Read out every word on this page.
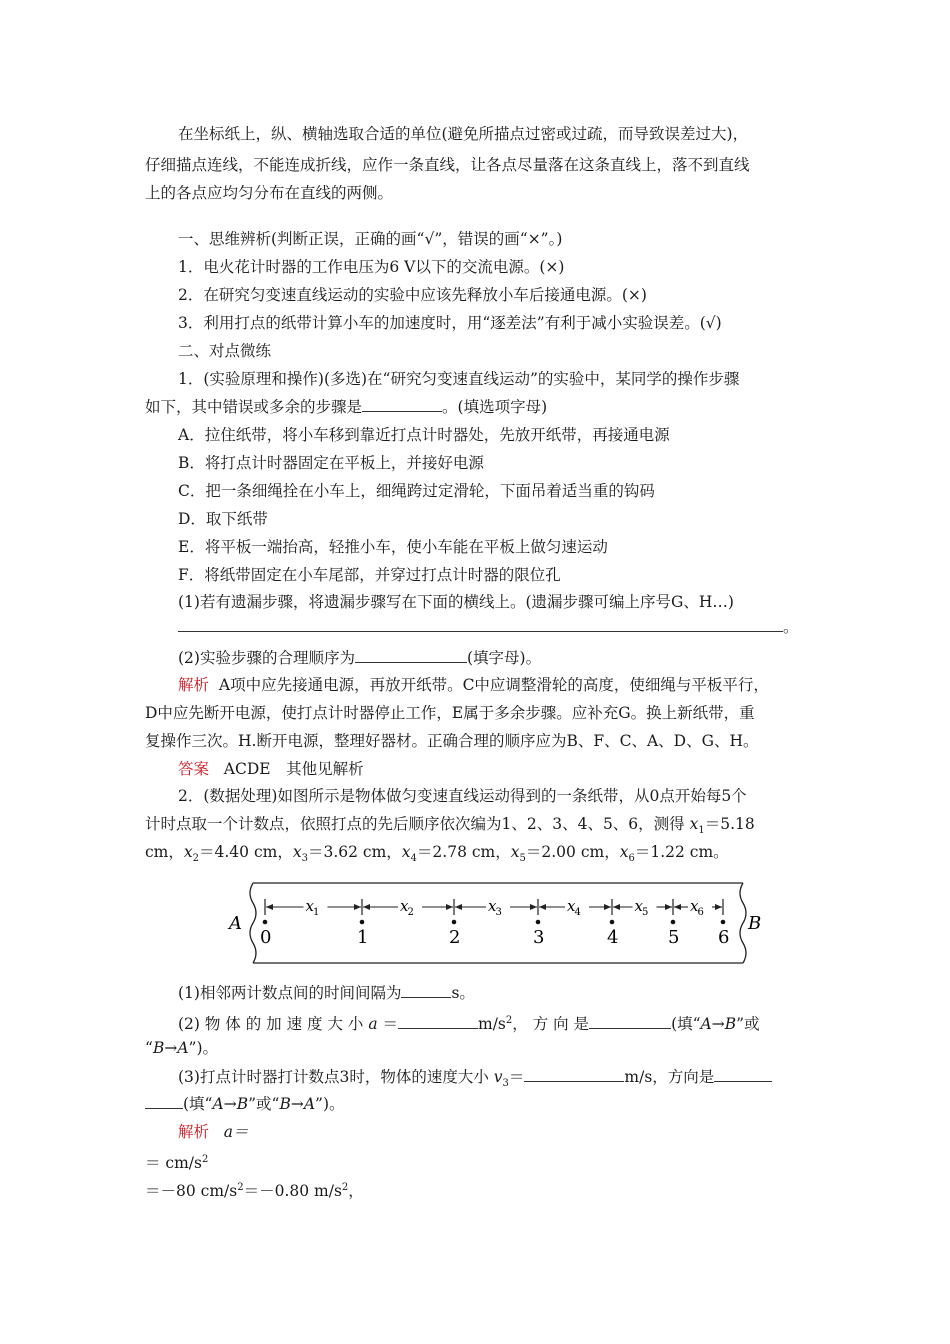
在坐标纸上，纵、横轴选取合适的单位(避免所描点过密或过疏，而导致误差过大)，
仔细描点连线，不能连成折线，应作一条直线，让各点尽量落在这条直线上，落不到直线
上的各点应均匀分布在直线的两侧。
一、思维辨析(判断正误，正确的画“√”，错误的画“×”。)
1．电火花计时器的工作电压为6 V以下的交流电源。(×)
2．在研究匀变速直线运动的实验中应该先释放小车后接通电源。(×)
3．利用打点的纸带计算小车的加速度时，用“逐差法”有利于减小实验误差。(√)
二、对点微练
1．(实验原理和操作)(多选)在“研究匀变速直线运动”的实验中，某同学的操作步骤
如下，其中错误或多余的步骤是	。(填选项字母)
A．拉住纸带，将小车移到靠近打点计时器处，先放开纸带，再接通电源
B．将打点计时器固定在平板上，并接好电源
C．把一条细绳拴在小车上，细绳跨过定滑轮，下面吊着适当重的钩码
D．取下纸带
E．将平板一端抬高，轻推小车，使小车能在平板上做匀速运动
F．将纸带固定在小车尾部，并穿过打点计时器的限位孔
(1)若有遗漏步骤，将遗漏步骤写在下面的横线上。(遗漏步骤可编上序号G、H…)
。
(2)实验步骤的合理顺序为	(填字母)。
解析 A项中应先接通电源，再放开纸带。C中应调整滑轮的高度，使细绳与平板平行，
D中应先断开电源，使打点计时器停止工作，E属于多余步骤。应补充G。换上新纸带，重
复操作三次。H.断开电源，整理好器材。正确合理的顺序应为B、F、C、A、D、G、H。
答案 ACDE　其他见解析
2．(数据处理)如图所示是物体做匀变速直线运动得到的一条纸带，从0点开始每5个
计时点取一个计数点，依照打点的先后顺序依次编为1、2、3、4、5、6，测得 $x_1=5.18$
cm，$x_2=4.40$ cm，$x_3=3.62$ cm，$x_4=2.78$ cm，$x_5=2.00$ cm，$x_6=1.22$ cm。
A	B
0	1	2	3	4	5 6
x 1	x 2	x 3	x 4	x 5	x 6
(1)相邻两计数点间的时间间隔为	s。
(2) 物 体 的 加 速 度 大 小 a ＝	$m/s^2$， 方 向 是	(填“A→B”或
“B→A”)。
(3)打点计时器打计数点3时，物体的速度大小 $v_3=$	m/s，方向是
(填“A→B”或“B→A”)。
解析 a＝
＝ $cm/s^2$
＝－80 $cm/s^2=-0.80$ $m/s^2$，
